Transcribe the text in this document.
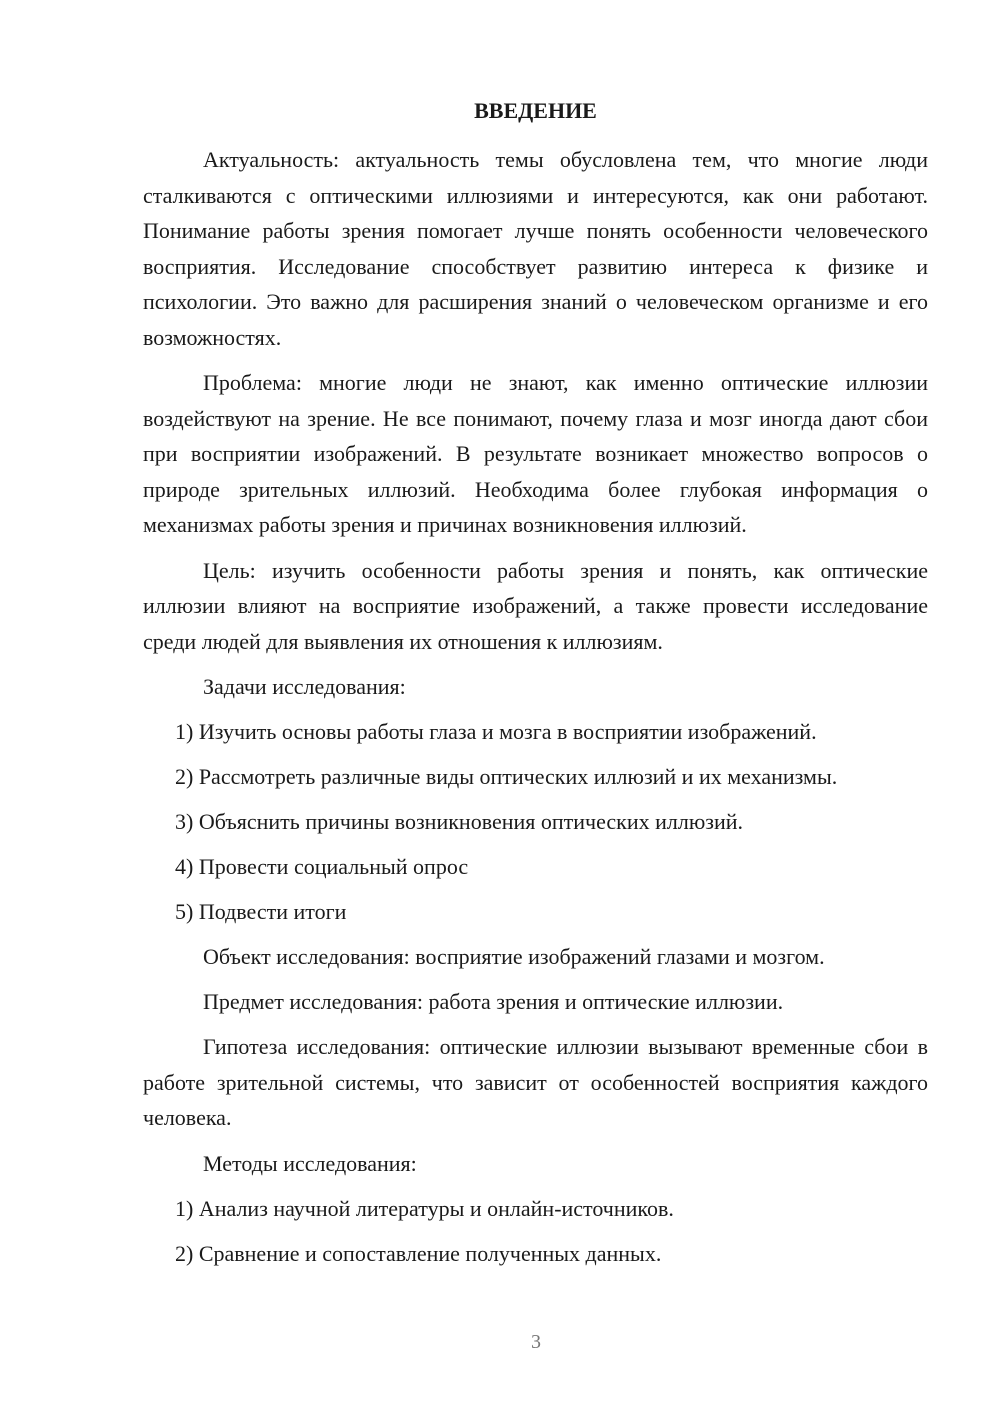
ВВЕДЕНИЕ

Актуальность: актуальность темы обусловлена тем, что многие люди сталкиваются с оптическими иллюзиями и интересуются, как они работают. Понимание работы зрения помогает лучше понять особенности человеческого восприятия. Исследование способствует развитию интереса к физике и психологии. Это важно для расширения знаний о человеческом организме и его возможностях.

Проблема: многие люди не знают, как именно оптические иллюзии воздействуют на зрение. Не все понимают, почему глаза и мозг иногда дают сбои при восприятии изображений. В результате возникает множество вопросов о природе зрительных иллюзий. Необходима более глубокая информация о механизмах работы зрения и причинах возникновения иллюзий.

Цель: изучить особенности работы зрения и понять, как оптические иллюзии влияют на восприятие изображений, а также провести исследование среди людей для выявления их отношения к иллюзиям.

Задачи исследования:
1) Изучить основы работы глаза и мозга в восприятии изображений.
2) Рассмотреть различные виды оптических иллюзий и их механизмы.
3) Объяснить причины возникновения оптических иллюзий.
4) Провести социальный опрос
5) Подвести итоги
Объект исследования: восприятие изображений глазами и мозгом.
Предмет исследования: работа зрения и оптические иллюзии.

Гипотеза исследования: оптические иллюзии вызывают временные сбои в работе зрительной системы, что зависит от особенностей восприятия каждого человека.

Методы исследования:
1) Анализ научной литературы и онлайн-источников.
2) Сравнение и сопоставление полученных данных.
3
